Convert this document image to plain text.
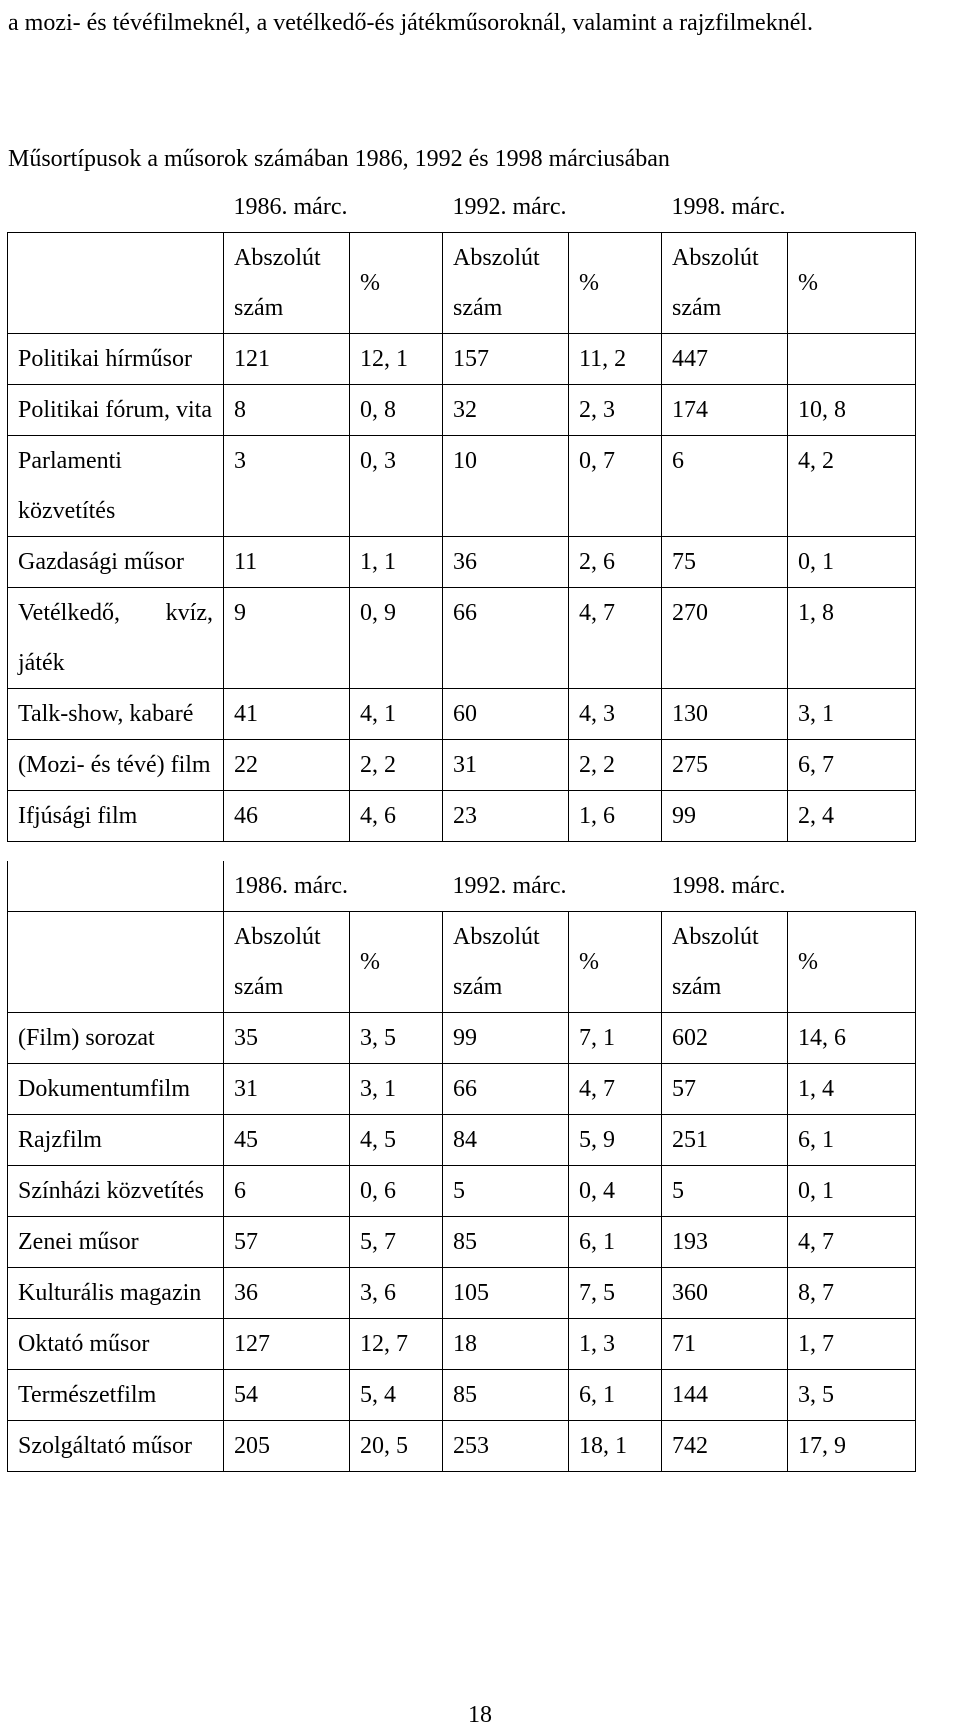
a mozi- és tévéfilmeknél, a vetélkedő-és játékműsoroknál, valamint a rajzfilmeknél.
Műsortípusok a műsorok számában 1986, 1992 és 1998 márciusában
	1986. márc.		1992. márc.		1998. márc.	
	Abszolút szám	%	Abszolút szám	%	Abszolút szám	%
Politikai hírműsor	121	12, 1	157	11, 2	447	
Politikai fórum, vita	8	0, 8	32	2, 3	174	10, 8
Parlamenti közvetítés	3	0, 3	10	0, 7	6	4, 2
Gazdasági műsor	11	1, 1	36	2, 6	75	0, 1
Vetélkedő, kvíz, játék	9	0, 9	66	4, 7	270	1, 8
Talk-show, kabaré	41	4, 1	60	4, 3	130	3, 1
(Mozi- és tévé) film	22	2, 2	31	2, 2	275	6, 7
Ifjúsági film	46	4, 6	23	1, 6	99	2, 4
	1986. márc.		1992. márc.		1998. márc.	
	Abszolút szám	%	Abszolút szám	%	Abszolút szám	%
(Film) sorozat	35	3, 5	99	7, 1	602	14, 6
Dokumentumfilm	31	3, 1	66	4, 7	57	1, 4
Rajzfilm	45	4, 5	84	5, 9	251	6, 1
Színházi közvetítés	6	0, 6	5	0, 4	5	0, 1
Zenei műsor	57	5, 7	85	6, 1	193	4, 7
Kulturális magazin	36	3, 6	105	7, 5	360	8, 7
Oktató műsor	127	12, 7	18	1, 3	71	1, 7
Természetfilm	54	5, 4	85	6, 1	144	3, 5
Szolgáltató műsor	205	20, 5	253	18, 1	742	17, 9
18
